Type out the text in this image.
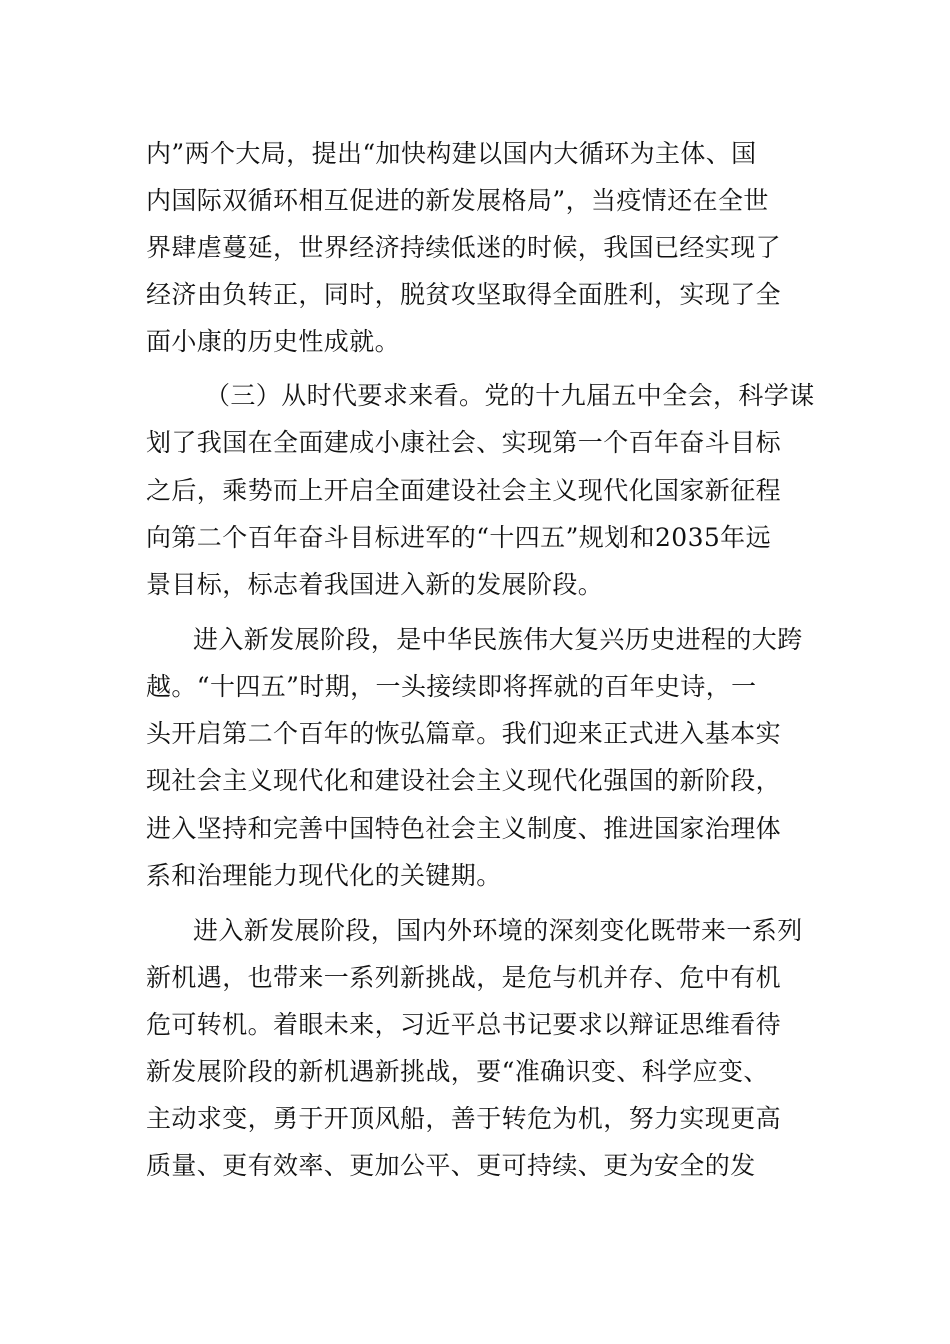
内”两个大局，提出“加快构建以国内大循环为主体、国
内国际双循环相互促进的新发展格局”，当疫情还在全世
界肆虐蔓延，世界经济持续低迷的时候，我国已经实现了
经济由负转正，同时，脱贫攻坚取得全面胜利，实现了全
面小康的历史性成就。
（三）从时代要求来看。党的十九届五中全会，科学谋
划了我国在全面建成小康社会、实现第一个百年奋斗目标
之后，乘势而上开启全面建设社会主义现代化国家新征程
向第二个百年奋斗目标进军的“十四五”规划和2035年远
景目标，标志着我国进入新的发展阶段。
进入新发展阶段，是中华民族伟大复兴历史进程的大跨
越。“十四五”时期，一头接续即将挥就的百年史诗，一
头开启第二个百年的恢弘篇章。我们迎来正式进入基本实
现社会主义现代化和建设社会主义现代化强国的新阶段，
进入坚持和完善中国特色社会主义制度、推进国家治理体
系和治理能力现代化的关键期。
进入新发展阶段，国内外环境的深刻变化既带来一系列
新机遇，也带来一系列新挑战，是危与机并存、危中有机
危可转机。着眼未来，习近平总书记要求以辩证思维看待
新发展阶段的新机遇新挑战，要“准确识变、科学应变、
主动求变，勇于开顶风船，善于转危为机，努力实现更高
质量、更有效率、更加公平、更可持续、更为安全的发
